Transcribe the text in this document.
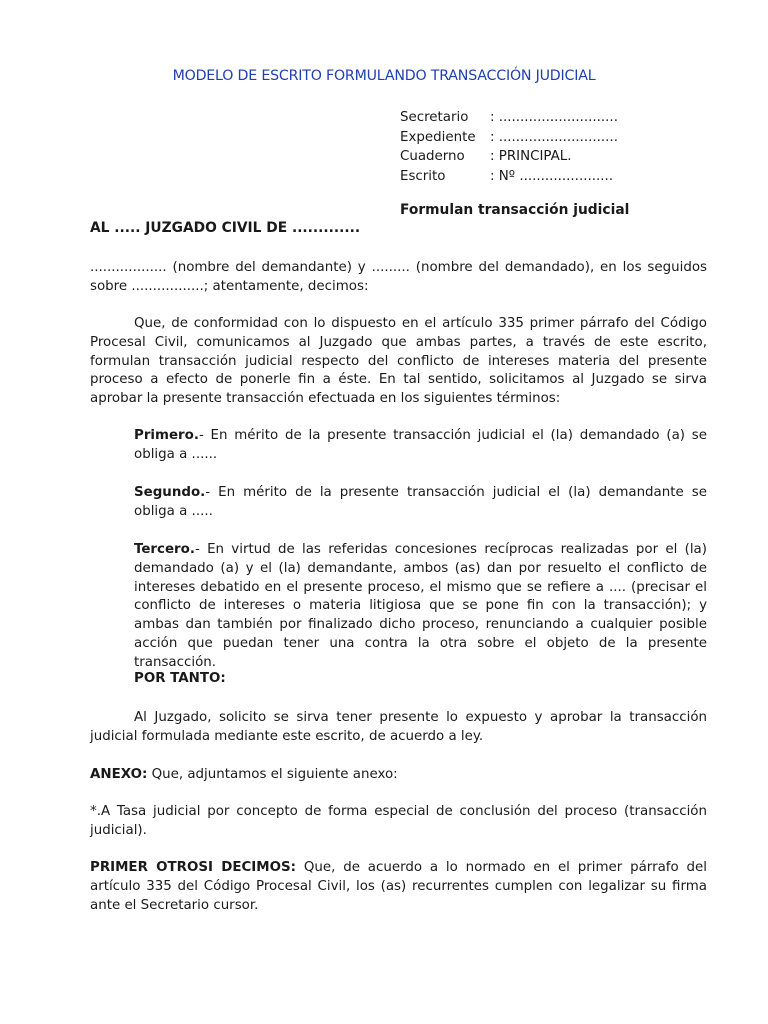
MODELO DE ESCRITO FORMULANDO TRANSACCIÓN JUDICIAL
Secretario	: ............................
Expediente	: ............................
Cuaderno	: PRINCIPAL.
Escrito	: Nº ......................
Formulan transacción judicial
AL ..... JUZGADO CIVIL DE .............
.................. (nombre del demandante) y ......... (nombre del demandado), en los seguidos sobre .................; atentamente, decimos:
Que, de conformidad con lo dispuesto en el artículo 335 primer párrafo del Código Procesal Civil, comunicamos al Juzgado que ambas partes, a través de este escrito, formulan transacción judicial respecto del conflicto de intereses materia del presente proceso a efecto de ponerle fin a éste. En tal sentido, solicitamos al Juzgado se sirva aprobar la presente transacción efectuada en los siguientes términos:
Primero.- En mérito de la presente transacción judicial el (la) demandado (a) se obliga a ......
Segundo.- En mérito de la presente transacción judicial el (la) demandante se obliga a .....
Tercero.- En virtud de las referidas concesiones recíprocas realizadas por el (la) demandado (a) y el (la) demandante, ambos (as) dan por resuelto el conflicto de intereses debatido en el presente proceso, el mismo que se refiere a .... (precisar el conflicto de intereses o materia litigiosa que se pone fin con la transacción); y ambas dan también por finalizado dicho proceso, renunciando a cualquier posible acción que puedan tener una contra la otra sobre el objeto de la presente transacción.
POR TANTO:
Al Juzgado, solicito se sirva tener presente lo expuesto y aprobar la transacción judicial formulada mediante este escrito, de acuerdo a ley.
ANEXO: Que, adjuntamos el siguiente anexo:
*.A Tasa judicial por concepto de forma especial de conclusión del proceso (transacción judicial).
PRIMER OTROSI DECIMOS: Que, de acuerdo a lo normado en el primer párrafo del artículo 335 del Código Procesal Civil, los (as) recurrentes cumplen con legalizar su firma ante el Secretario cursor.
